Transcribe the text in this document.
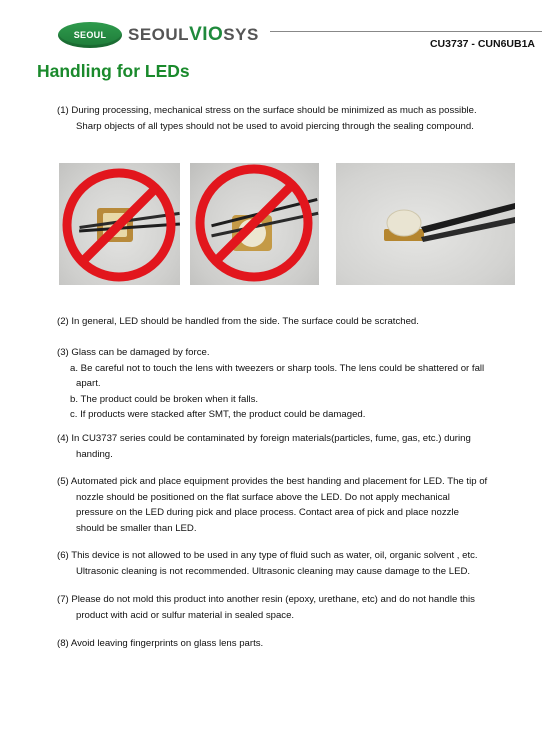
SEOUL	SEOULVIOSYS	CU3737 - CUN6UB1A
Handling for LEDs
(1) During processing, mechanical stress on the surface should be minimized as much as possible.
Sharp objects of all types should not be used to avoid piercing through the sealing compound.
(2) In general, LED should be handled from the side. The surface could be scratched.
(3) Glass can be damaged by force.
a. Be careful not to touch the lens with tweezers or sharp tools. The lens could be shattered or fall
apart.
b. The product could be broken when it falls.
c. If products were stacked after SMT, the product could be damaged.
(4) In CU3737 series could be contaminated by foreign materials(particles, fume, gas, etc.) during
handing.
(5) Automated pick and place equipment provides the best handing and placement for LED. The tip of
nozzle should be positioned on the flat surface above the LED. Do not apply mechanical
pressure on the LED during pick and place process. Contact area of pick and place nozzle
should be smaller than LED.
(6) This device is not allowed to be used in any type of fluid such as water, oil, organic solvent , etc.
Ultrasonic cleaning is not recommended. Ultrasonic cleaning may cause damage to the LED.
(7) Please do not mold this product into another resin (epoxy, urethane, etc) and do not handle this
product with acid or sulfur material in sealed space.
(8) Avoid leaving fingerprints on glass lens parts.
